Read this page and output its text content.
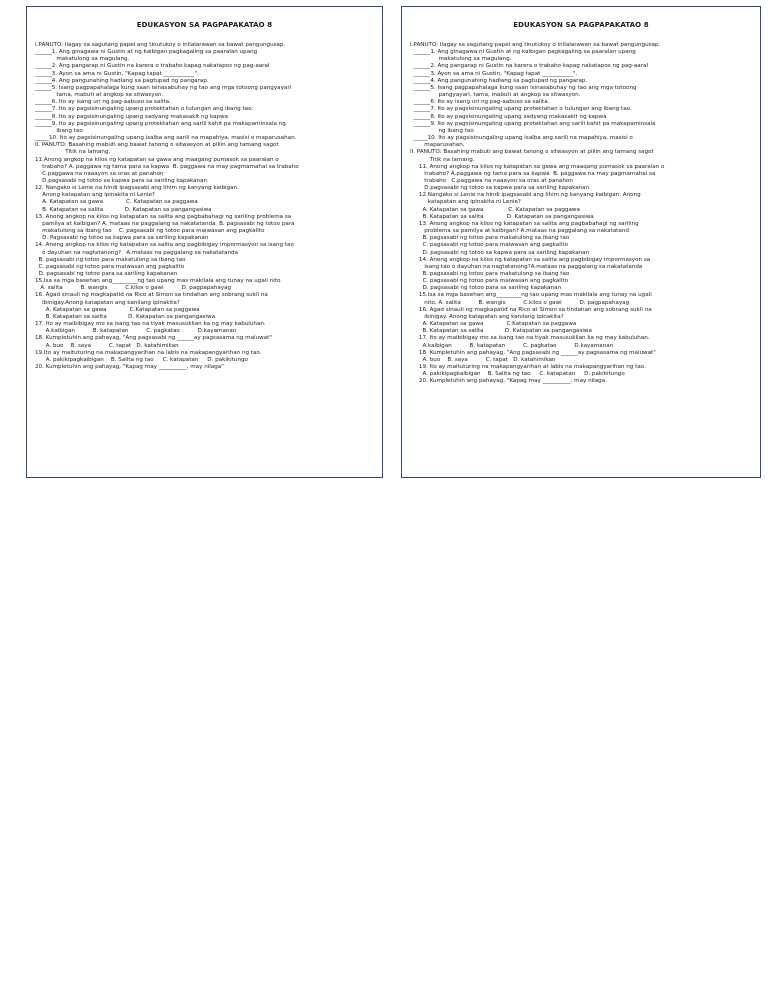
EDUKASYON SA PAGPAPAKATAO 8
I.PANUTO: Ilagay sa sagutang papel ang tinutukoy o inilalarawan sa bawat pangungusap.
______1. Ang ginagawa ni Gustin at ng kaibigan pagkagaling sa paaralan upang
makatulong sa magulang.
______2. Ang pangarap ni Gustin na karera o trabaho kapag nakatapos ng pag-aaral
______3. Ayon sa ama ni Gustin, "Kapag tapat ___________".
______4. Ang pangunahing hadlang sa pagtupad ng pangarap.
______5. Isang pagpapahalaga kung saan isinasabuhay ng tao ang mga totoong pangyayari
tama, mabuti at angkop sa sitwasyon.
______6. Ito ay isang uri ng pag-aabuso sa salita.
______7. Ito ay pagsisinungaling upang protektahan o tulungan ang ibang tao.
______8. Ito ay pagsisinungaling upang sadyang makasakit ng kapwa
______9. Ito ay pagsisinungaling upang protektahan ang sarili kahit pa makapaminsala ng
ibang tao
_____10. Ito ay pagsisinungaling upang isalba ang sarili na mapahiya, masisi o maparusahan.
II. PANUTO: Basahing mabuti ang bawat tanong o sitwasyon at piliin ang tamang sagot
Titik na lamang.
11.Anong angkop na kilos ng katapatan sa gawa ang maagang pumasok sa paaralan o
trabaho? A. paggawa ng tama para sa kapwa  B. paggawa na may pagmamahal sa trabaho
C.paggawa na naaayon sa oras at panahon
D.pagsasabi ng totoo sa kapwa para sa sariling kapakanan
12. Nangako si Lenie na hindi ipagsasabi ang lihim ng kanyang kaibigan.
Anong katapatan ang ipinakita ni Lenie?
A. Katapatan sa gawa             C. Katapatan sa paggawa
B. Katapatan sa salita            D. Katapatan sa pangangasiwa
13. Anong angkop na kilos ng katapatan sa salita ang pagbabahagi ng sariling problema sa
pamilya at kaibigan? A. mataas na paggalang sa nakatatanda  B. pagsasabi ng totoo para
makatulong sa ibang tao    C. pagsasabi ng totoo para maiwasan ang pagkalito
D. Pagsasabi ng totoo sa kapwa para sa sariling kapakanan
14. Anong angkop na kilos ng katapatan sa salita ang pagbibigay impormasyon sa isang tao
o dayuhan na nagtatanong?   A.mataas na paggalang sa nakatatanda
B. pagsasabi ng totoo para makatulong sa ibang tao
C. pagsasabi ng totoo para maiwasan ang pagkalito
D. pagsasabi ng totoo para sa sariling kapakanan
15.Isa sa mga basehan ang_________ng tao upang mas makilala ang tunay na ugali nito.
A. salita          B. wangis          C.kilos o gawi          D. pagpapahayag
16. Agad sinauli ng magkapatid na Rico at Simon sa tindahan ang sobrang sukli na
ibinigay.Anong katapatan ang kanilang ipinakita?
A. Katapatan sa gawa             C.Katapatan sa paggawa
B. Katapatan sa salita            D. Katapatan sa pangangasiwa
17. Ito ay maibibigay mo sa isang tao na tiyak masusuklian ka ng may kabuluhan.
A.kaibigan          B. katapatan          C. pagkatao          D.kayamanan
18. Kumpletuhin ang pahayag, "Ang pagsasabi ng ______ay pagsasama ng maluwat"
A. buo    B. saya          C. tapat   D. katahimikan
19.Ito ay maituturing na makapangyarihan na labis na makapangyarihan ng tao.
A. pakikipagkaibigan    B. Salita ng tao     C. katapatan     D. pakikitungo
20. Kumpletuhin ang pahayag, "Kapag may __________, may nilaga"
EDUKASYON SA PAGPAPAKATAO 8
I.PANUTO: Ilagay sa sagutang papel ang tinutukoy o inilalarawan sa bawat pangungusap.
______1. Ang ginagawa ni Gustin at ng kaibigan pagkagaling sa paaralan upang
makatulong sa magulang.
______2. Ang pangarap ni Gustin na karera o trabaho kapag nakatapos ng pag-aaral
______3. Ayon sa ama ni Gustin, "Kapag tapat ___________".
______4. Ang pangunahing hadlang sa pagtupad ng pangarap.
______5. Isang pagpapahalaga kung saan isinasabuhay ng tao ang mga totoong
pangyayari, tama, mabuti at angkop sa sitwasyon.
______6. Ito ay isang uri ng pag-aabuso sa salita.
______7. Ito ay pagsisinungaling upang protektahan o tulungan ang ibang tao.
______8. Ito ay pagsisinungaling upang sadyang makasakit ng kapwa
______9. Ito ay pagsisinungaling upang protektahan ang sarili kahit pa makapaminsala
ng ibang tao
_____10. Ito ay pagsisinungaling upang isalba ang sarili na mapahiya, masisi o
maparusahan.
II. PANUTO: Basahing mabuti ang bawat tanong o sitwasyon at piliin ang tamang sagot
Titik na lamang.
11. Anong angkop na kilos ng katapatan sa gawa ang maaqang pumasok sa paaralan o
trabaho? A.paggawa ng tama para sa kapwa  B. paggawa na may pagmamahal sa
trabaho   C.paggawa na naaayon sa oras at panahon
D.pagsasabi ng totoo sa kapwa para sa sariling kapakanan
12.Nangako si Lenie na hindi ipagsasabi ang lihim ng kanyang kaibigan. Anong
katapatan ang ipinakita ni Lenie?
A. Katapatan sa gawa              C. Katapatan sa paggawa
B. Katapatan sa salita             D. Katapatan sa pangangasiwa
13. Anong angkop na kilos ng katapatan sa salita ang pagbabahagi ng sariling
problema sa pamilya at kaibigan? A.mataas na paggalang sa nakatatand
B. pagsasabi ng totoo para makatulong sa ibang tao
C. pagsasabi ng totoo para maiwasan ang pagkalito
D. pagsasabi ng totoo sa kapwa para sa sariling kapakanan
14. Anong angkop na kilos ng katapatan sa salita ang pagbibigay impormasyon sa
isang tao o dayuhan na nagtatanong?A.mataas na paggalang sa nakatatanda
B. pagsasabi ng totoo para makatulong sa ibang tao
C. pagsasabi ng totoo para maiwasan ang pagkalito
D. pagsasabi ng totoo para sa sariling kapakanan
15.Isa sa mga basehan ang_________ng tao upang mas makilala ang tunay na ugali
nito. A. salita          B. wangis          C.kilos o gawi          D. pagpapahayag
16. Agad sinauli ng magkapatid na Rico at Simon sa tindahan ang sobrang sukli na
ibinigay. Anong katapatan ang kanilang ipinakita?
A. Katapatan sa gawa             C.Katapatan sa paggawa
B. Katapatan sa salita            D. Katapatan sa pangangasiwa
17. Ito ay maibibigay mo sa isang tao na tiyak masusuklian ka ng may kabuluhan.
A.kaibigan          B. katapatan          C. pagkatao          D.kayamanan
18. Kumpletuhin ang pahayag, "Ang pagsasabi ng ______ay pagsasama ng maluwat"
A. buo    B. saya          C. tapat   D. katahimikan
19. Ito ay maituturing na makapangyarihan at labis na makapangyarihan ng tao.
A. pakikipagkaibigan    B. Salita ng tao     C. katapatan     D. pakikitungo
20. Kumpletuhin ang pahayag, "Kapag may __________, may nilaga.
